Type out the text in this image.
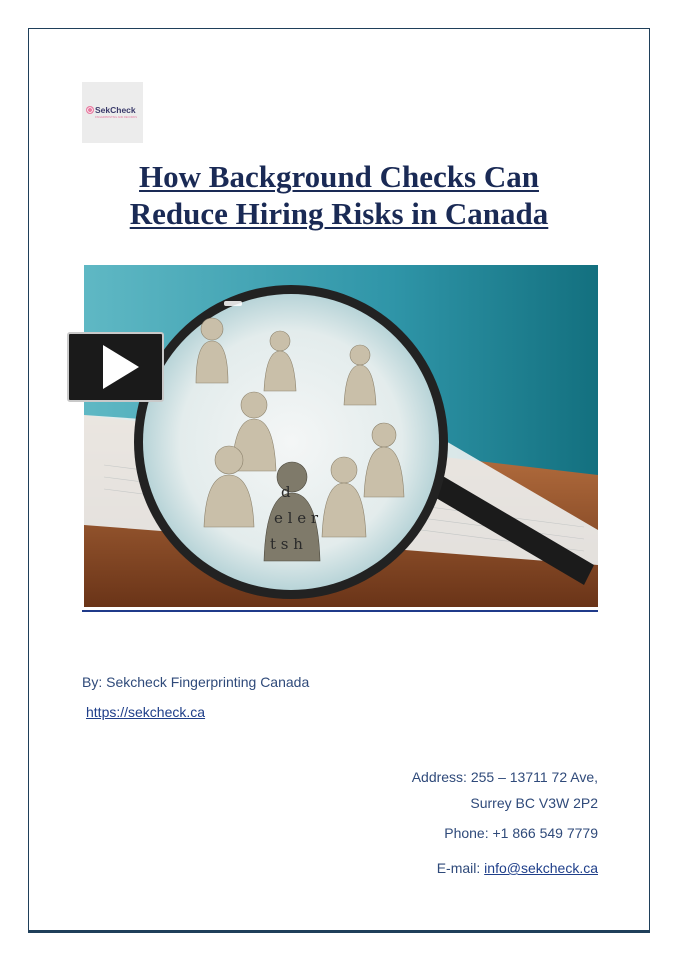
SekCheck
FINGERPRINTING AND RECORDS
How Background Checks Can
Reduce Hiring Risks in Canada
d
e l e r
t s h
By: Sekcheck Fingerprinting Canada
https://sekcheck.ca
Address: 255 – 13711 72 Ave,
Surrey BC V3W 2P2
Phone: +1 866 549 7779
E-mail: info@sekcheck.ca
